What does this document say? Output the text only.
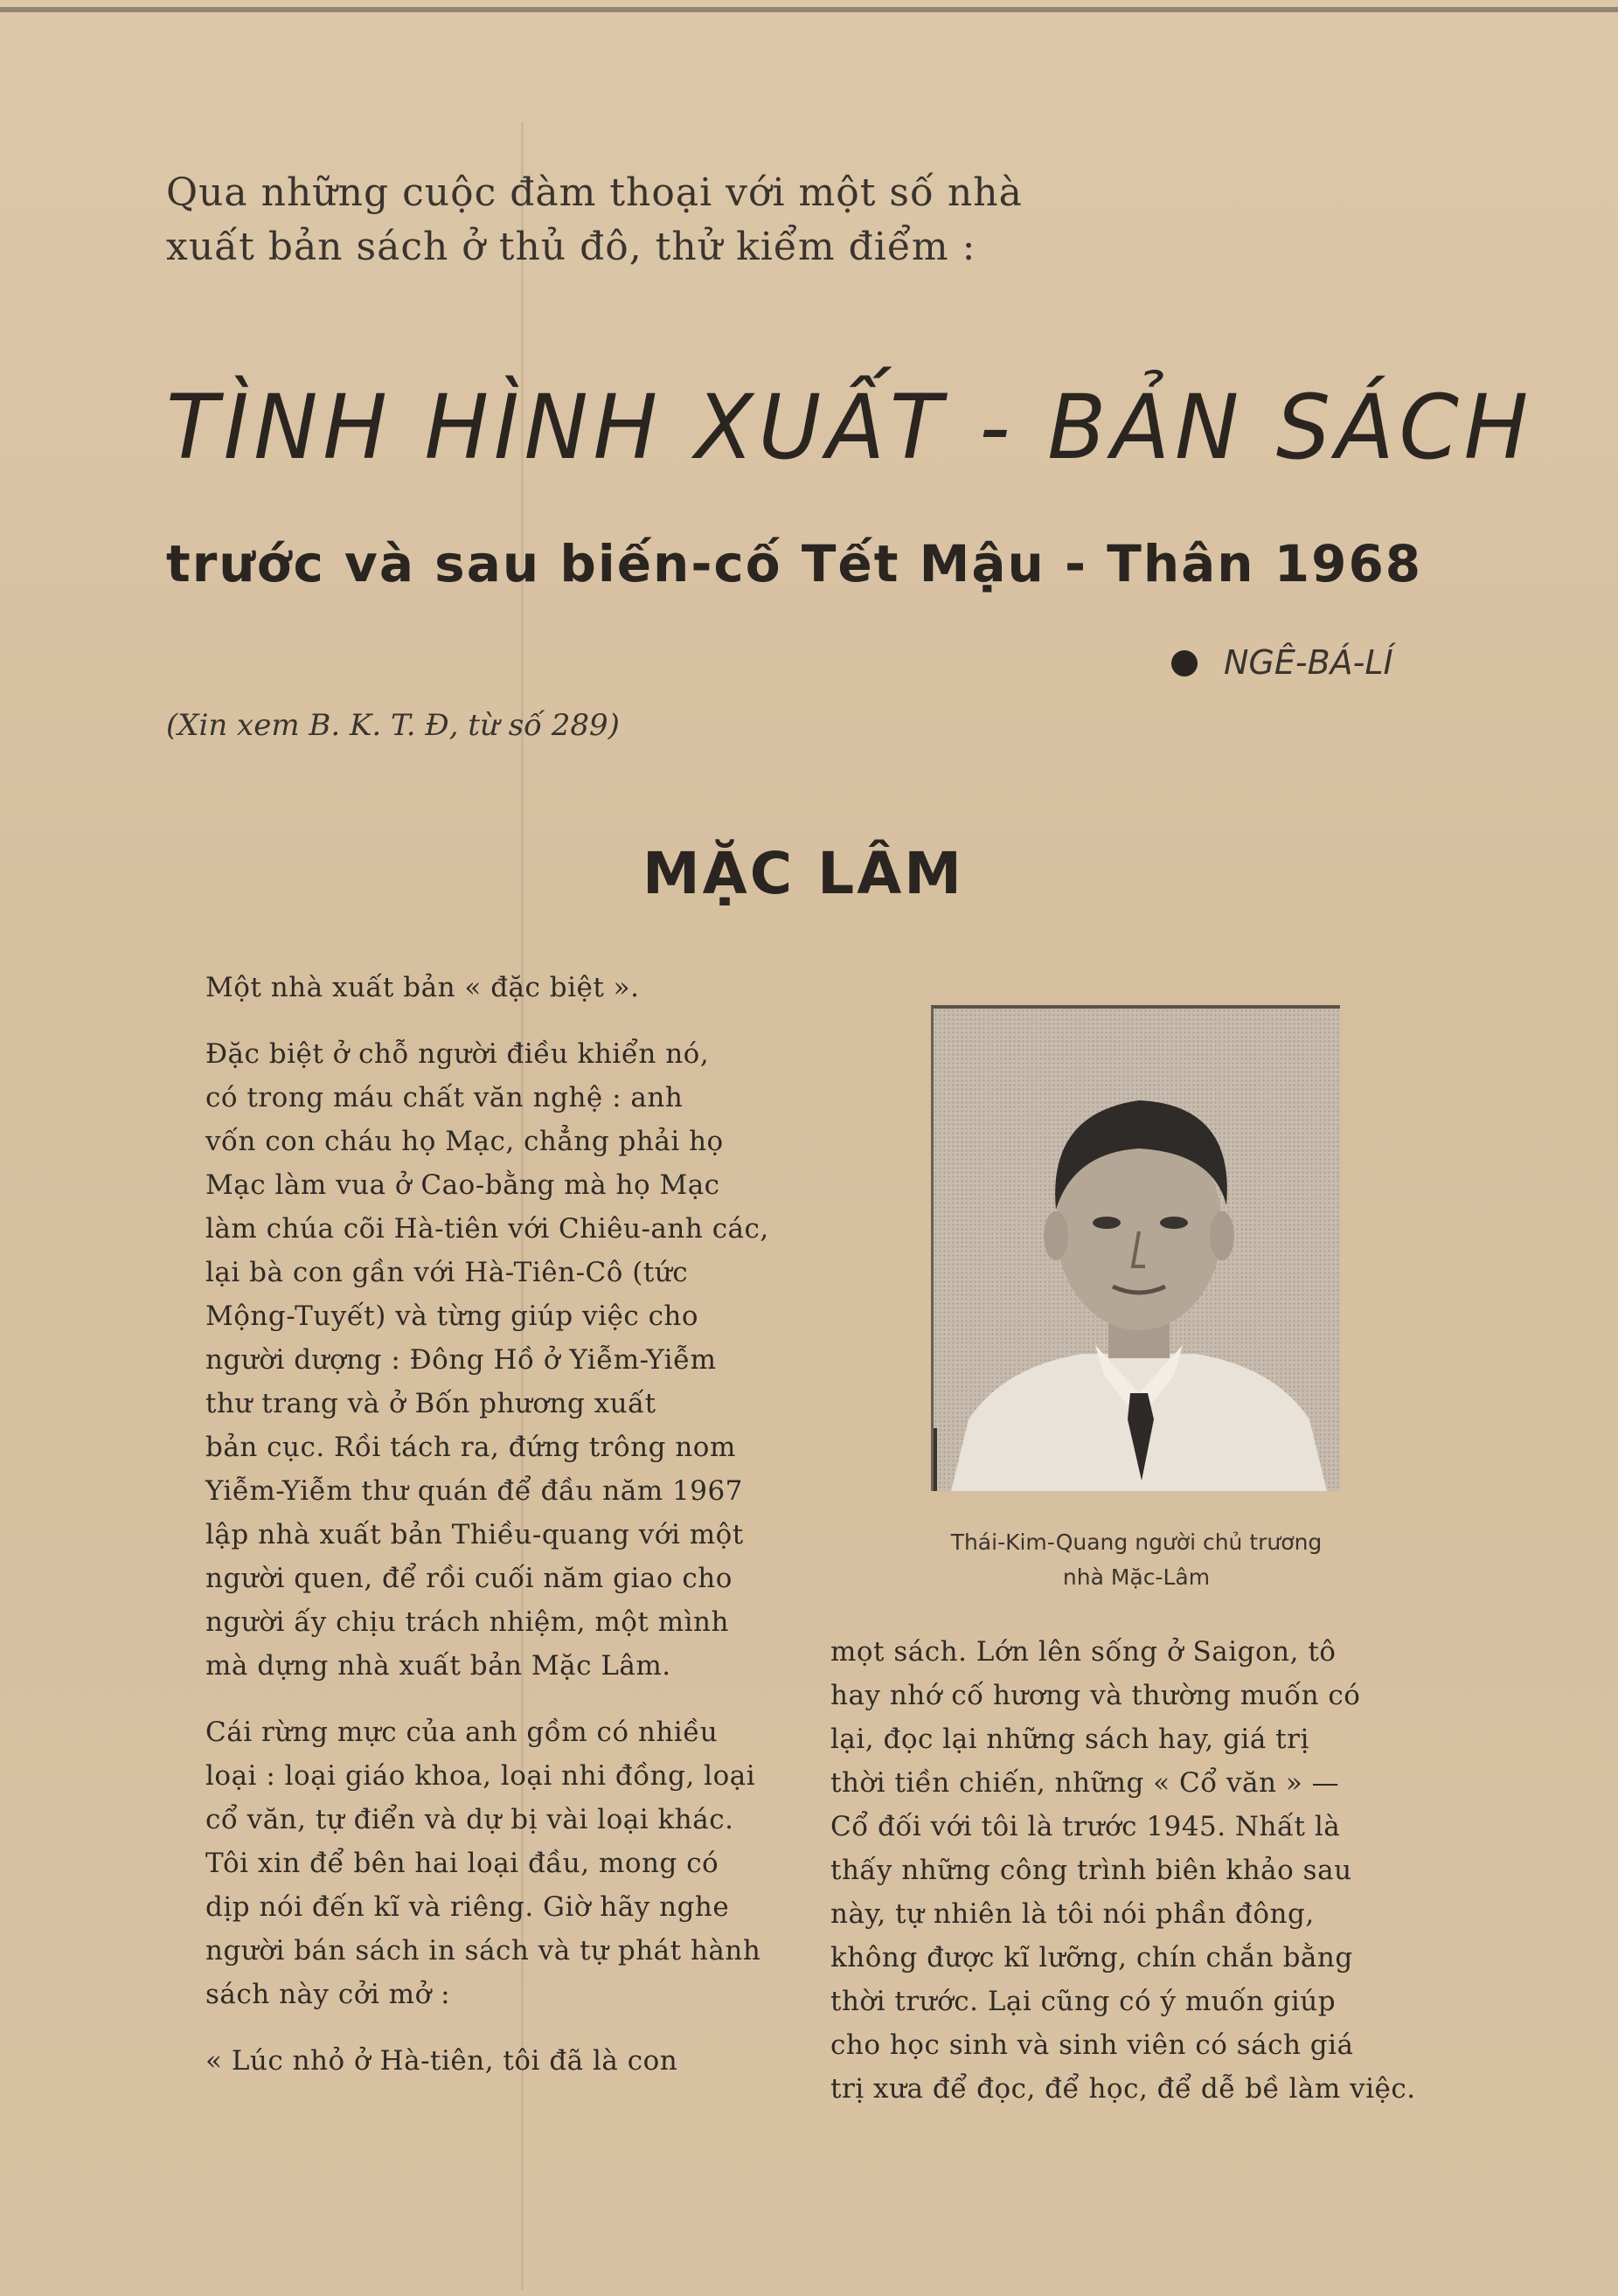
Qua những cuộc đàm thoại với một số nhà
xuất bản sách ở thủ đô, thử kiểm điểm :
TÌNH HÌNH XUẤT - BẢN SÁCH
trước và sau biến-cố Tết Mậu - Thân 1968
NGÊ-BÁ-LÍ
(Xin xem B. K. T. Đ, từ số 289)
MẶC LÂM

Một nhà xuất bản « đặc biệt ».

Đặc biệt ở chỗ người điều khiển nó,

có trong máu chất văn nghệ : anh

vốn con cháu họ Mạc, chẳng phải họ

Mạc làm vua ở Cao-bằng mà họ Mạc

làm chúa cõi Hà-tiên với Chiêu-anh các,

lại bà con gần với Hà-Tiên-Cô (tức

Mộng-Tuyết) và từng giúp việc cho

người dượng : Đông Hồ ở Yiễm-Yiễm

thư trang và ở Bốn phương xuất

bản cục. Rồi tách ra, đứng trông nom

Yiễm-Yiễm thư quán để đầu năm 1967

lập nhà xuất bản Thiều-quang với một

người quen, để rồi cuối năm giao cho

người ấy chịu trách nhiệm, một mình

mà dựng nhà xuất bản Mặc Lâm.

Cái rừng mực của anh gồm có nhiều

loại : loại giáo khoa, loại nhi đồng, loại

cổ văn, tự điển và dự bị vài loại khác.

Tôi xin để bên hai loại đầu, mong có

dịp nói đến kĩ và riêng. Giờ hãy nghe

người bán sách in sách và tự phát hành

sách này cởi mở :

« Lúc nhỏ ở Hà-tiên, tôi đã là con

Thái-Kim-Quang người chủ trương
nhà Mặc-Lâm

mọt sách. Lớn lên sống ở Saigon, tô

hay nhớ cố hương và thường muốn có

lại, đọc lại những sách hay, giá trị

thời tiền chiến, những « Cổ văn » —

Cổ đối với tôi là trước 1945. Nhất là

thấy những công trình biên khảo sau

này, tự nhiên là tôi nói phần đông,

không được kĩ lưỡng, chín chắn bằng

thời trước. Lại cũng có ý muốn giúp

cho học sinh và sinh viên có sách giá

trị xưa để đọc, để học, để dễ bề làm việc.
